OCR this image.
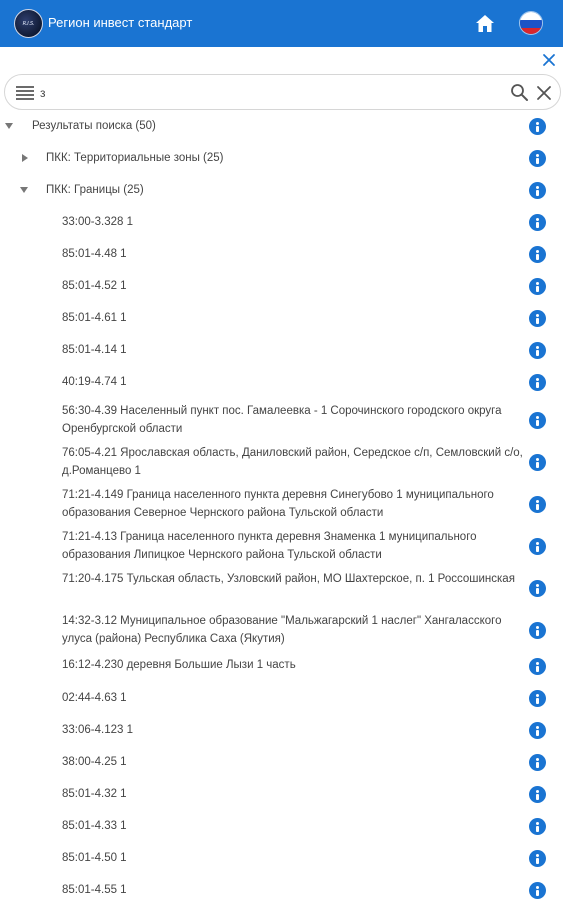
R.I.S. Регион инвест стандарт
з
Результаты поиска (50)
ПКК: Территориальные зоны (25)
ПКК: Границы (25)
33:00-3.328 1
85:01-4.48 1
85:01-4.52 1
85:01-4.61 1
85:01-4.14 1
40:19-4.74 1
56:30-4.39 Населенный пункт пос. Гамалеевка - 1 Сорочинского городского округа Оренбургской области
76:05-4.21 Ярославская область, Даниловский район, Середское с/п, Семловский с/о, д.Романцево 1
71:21-4.149 Граница населенного пункта деревня Синегубово 1 муниципального образования Северное Чернского района Тульской области
71:21-4.13 Граница населенного пункта деревня Знаменка 1 муниципального образования Липицкое Чернского района Тульской области
71:20-4.175 Тульская область, Узловский район, МО Шахтерское, п. 1 Россошинская
14:32-3.12 Муниципальное образование "Мальжагарский 1 наслег" Хангаласского улуса (района) Республика Саха (Якутия)
16:12-4.230 деревня Большие Лызи 1 часть
02:44-4.63 1
33:06-4.123 1
38:00-4.25 1
85:01-4.32 1
85:01-4.33 1
85:01-4.50 1
85:01-4.55 1
